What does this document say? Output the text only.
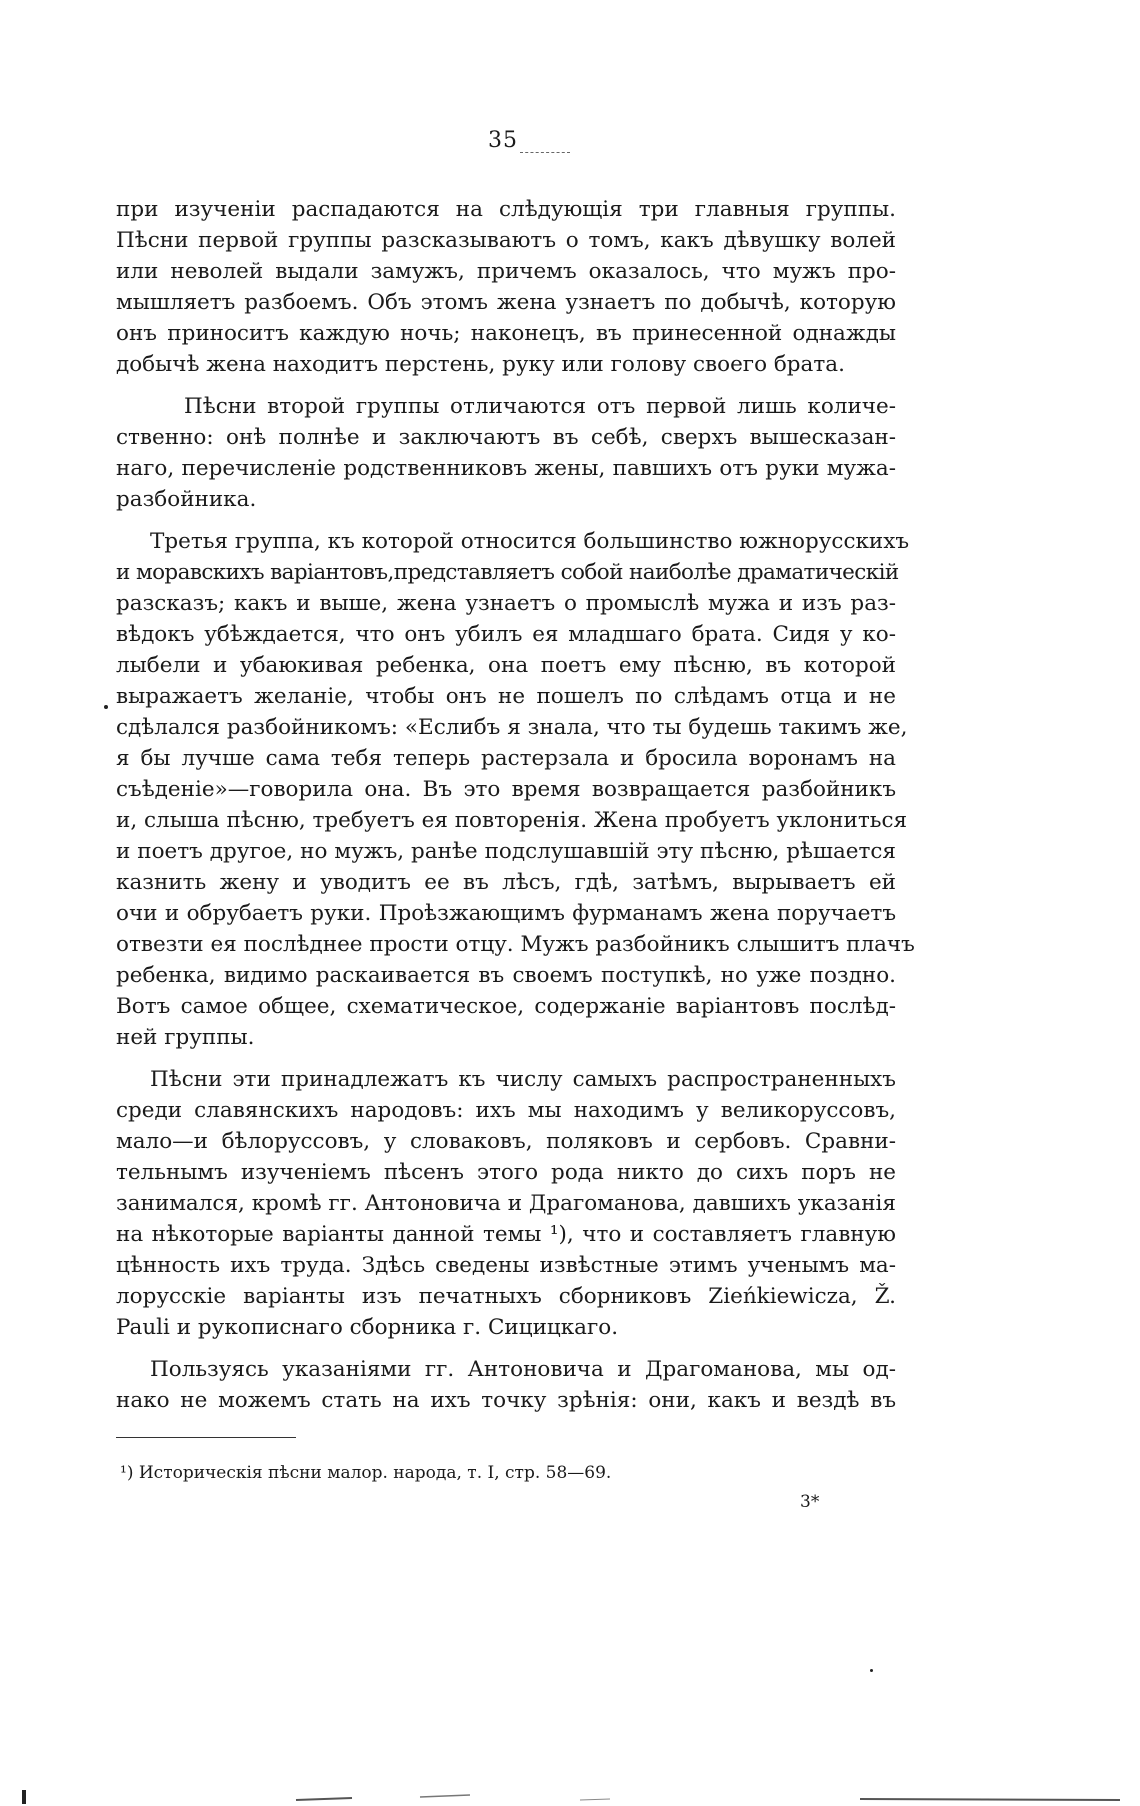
35

при изученіи распадаются на слѣдующія три главныя группы.
Пѣсни первой группы разсказываютъ о томъ, какъ дѣвушку волей
или неволей выдали замужъ, причемъ оказалось, что мужъ про-
мышляетъ разбоемъ. Объ этомъ жена узнаетъ по добычѣ, которую
онъ приноситъ каждую ночь; наконецъ, въ принесенной однажды
добычѣ жена находитъ перстень, руку или голову своего брата.

Пѣсни второй группы отличаются отъ первой лишь количе-
ственно: онѣ полнѣе и заключаютъ въ себѣ, сверхъ вышесказан-
наго, перечисленіе родственниковъ жены, павшихъ отъ руки мужа-
разбойника.

Третья группа, къ которой относится большинство южнорусскихъ
и моравскихъ варіантовъ,представляетъ собой наиболѣе драматическій
разсказъ; какъ и выше, жена узнаетъ о промыслѣ мужа и изъ раз-
вѣдокъ убѣждается, что онъ убилъ ея младшаго брата. Сидя у ко-
лыбели и убаюкивая ребенка, она поетъ ему пѣсню, въ которой
выражаетъ желаніе, чтобы онъ не пошелъ по слѣдамъ отца и не
сдѣлался разбойникомъ: «Еслибъ я знала, что ты будешь такимъ же,
я бы лучше сама тебя теперь растерзала и бросила воронамъ на
съѣденіе»—говорила она. Въ это время возвращается разбойникъ
и, слыша пѣсню, требуетъ ея повторенія. Жена пробуетъ уклониться
и поетъ другое, но мужъ, ранѣе подслушавшій эту пѣсню, рѣшается
казнить жену и уводитъ ее въ лѣсъ, гдѣ, затѣмъ, вырываетъ ей
очи и обрубаетъ руки. Проѣзжающимъ фурманамъ жена поручаетъ
отвезти ея послѣднее прости отцу. Мужъ разбойникъ слышитъ плачъ
ребенка, видимо раскаивается въ своемъ поступкѣ, но уже поздно.
Вотъ самое общее, схематическое, содержаніе варіантовъ послѣд-
ней группы.

Пѣсни эти принадлежатъ къ числу самыхъ распространенныхъ
среди славянскихъ народовъ: ихъ мы находимъ у великоруссовъ,
мало—и бѣлоруссовъ, у словаковъ, поляковъ и сербовъ. Сравни-
тельнымъ изученіемъ пѣсенъ этого рода никто до сихъ поръ не
занимался, кромѣ гг. Антоновича и Драгоманова, давшихъ указанія
на нѣкоторые варіанты данной темы ¹), что и составляетъ главную
цѣнность ихъ труда. Здѣсь сведены извѣстные этимъ ученымъ ма-
лорусскіе варіанты изъ печатныхъ сборниковъ Zieńkiewicza, Ž.
Pauli и рукописнаго сборника г. Сицицкаго.

Пользуясь указаніями гг. Антоновича и Драгоманова, мы од-
нако не можемъ стать на ихъ точку зрѣнія: они, какъ и вездѣ въ

¹) Историческія пѣсни малор. народа, т. I, стр. 58—69.
3*
